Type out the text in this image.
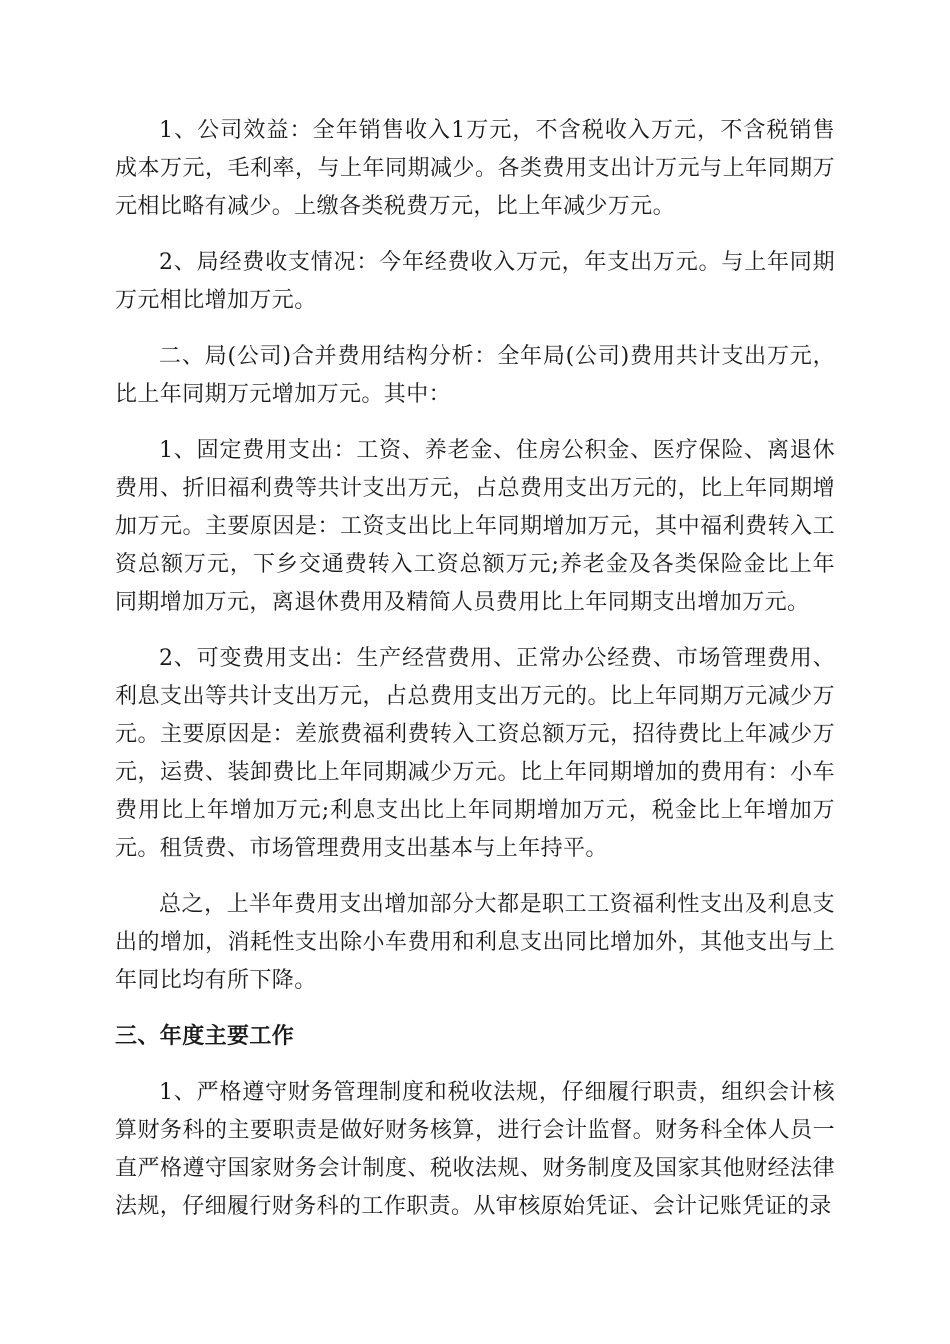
1、公司效益：全年销售收入1万元，不含税收入万元，不含税销售成本万元，毛利率，与上年同期减少。各类费用支出计万元与上年同期万元相比略有减少。上缴各类税费万元，比上年减少万元。

2、局经费收支情况：今年经费收入万元，年支出万元。与上年同期万元相比增加万元。

二、局(公司)合并费用结构分析：全年局(公司)费用共计支出万元，比上年同期万元增加万元。其中：

1、固定费用支出：工资、养老金、住房公积金、医疗保险、离退休费用、折旧福利费等共计支出万元，占总费用支出万元的，比上年同期增加万元。主要原因是：工资支出比上年同期增加万元，其中福利费转入工资总额万元，下乡交通费转入工资总额万元;养老金及各类保险金比上年同期增加万元，离退休费用及精简人员费用比上年同期支出增加万元。

2、可变费用支出：生产经营费用、正常办公经费、市场管理费用、利息支出等共计支出万元，占总费用支出万元的。比上年同期万元减少万元。主要原因是：差旅费福利费转入工资总额万元，招待费比上年减少万元，运费、装卸费比上年同期减少万元。比上年同期增加的费用有：小车费用比上年增加万元;利息支出比上年同期增加万元，税金比上年增加万元。租赁费、市场管理费用支出基本与上年持平。

总之，上半年费用支出增加部分大都是职工工资福利性支出及利息支出的增加，消耗性支出除小车费用和利息支出同比增加外，其他支出与上年同比均有所下降。

三、年度主要工作

1、严格遵守财务管理制度和税收法规，仔细履行职责，组织会计核算财务科的主要职责是做好财务核算，进行会计监督。财务科全体人员一直严格遵守国家财务会计制度、税收法规、财务制度及国家其他财经法律法规，仔细履行财务科的工作职责。从审核原始凭证、会计记账凭证的录
